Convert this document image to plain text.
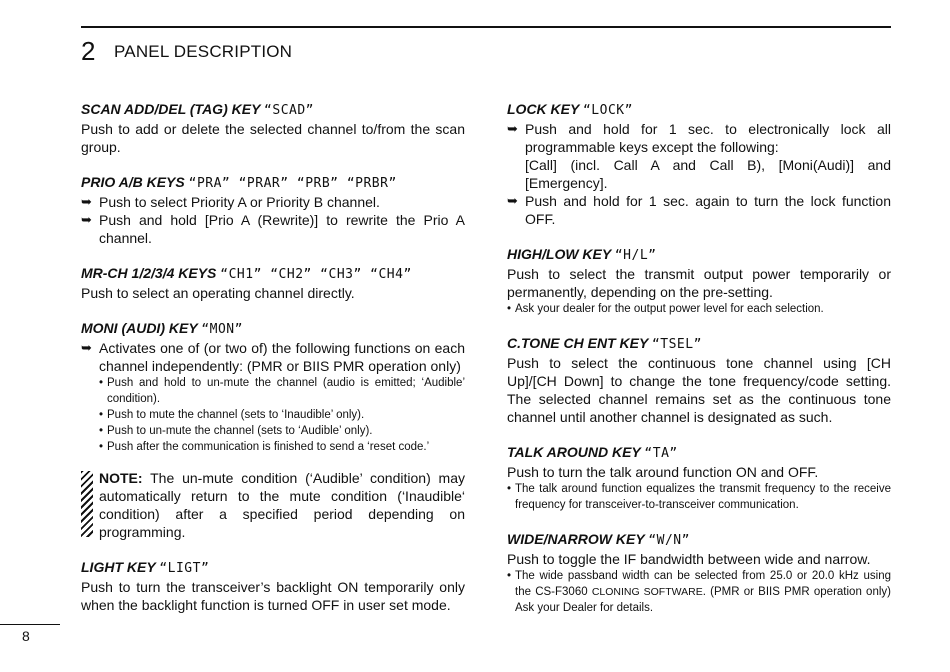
2 PANEL DESCRIPTION

SCAN ADD/DEL (TAG) KEY “SCAD”

Push to add or delete the selected channel to/from the scan group.

PRIO A/B KEYS “PRA” “PRAR” “PRB” “PRBR”

➥ Push to select Priority A or Priority B channel.

➥ Push and hold [Prio A (Rewrite)] to rewrite the Prio A channel.

MR-CH 1/2/3/4 KEYS “CH1” “CH2” “CH3” “CH4”

Push to select an operating channel directly.

MONI (AUDI) KEY “MON”

➥ Activates one of (or two of) the following functions on each channel independently: (PMR or BIIS PMR operation only)

• Push and hold to un-mute the channel (audio is emitted; ‘Audible’ condition).

• Push to mute the channel (sets to ‘Inaudible’ only).

• Push to un-mute the channel (sets to ‘Audible’ only).

• Push after the communication is finished to send a ‘reset code.’

NOTE: The un-mute condition (‘Audible’ condition) may automatically return to the mute condition (‘Inaudible‘ condition) after a specified period depending on programming.

LIGHT KEY “LIGT”

Push to turn the transceiver’s backlight ON temporarily only when the backlight function is turned OFF in user set mode.

LOCK KEY “LOCK”

➥ Push and hold for 1 sec. to electronically lock all programmable keys except the following:

[Call] (incl. Call A and Call B), [Moni(Audi)] and [Emergency].

➥ Push and hold for 1 sec. again to turn the lock function OFF.

HIGH/LOW KEY “H/L”

Push to select the transmit output power temporarily or permanently, depending on the pre-setting.

• Ask your dealer for the output power level for each selection.

C.TONE CH ENT KEY “TSEL”

Push to select the continuous tone channel using [CH Up]/[CH Down] to change the tone frequency/code setting. The selected channel remains set as the continuous tone channel until another channel is designated as such.

TALK AROUND KEY “TA”

Push to turn the talk around function ON and OFF.

• The talk around function equalizes the transmit frequency to the receive frequency for transceiver-to-transceiver communication.

WIDE/NARROW KEY “W/N”

Push to toggle the IF bandwidth between wide and narrow.

• The wide passband width can be selected from 25.0 or 20.0 kHz using the CS-F3060 CLONING SOFTWARE. (PMR or BIIS PMR operation only) Ask your Dealer for details.

8
